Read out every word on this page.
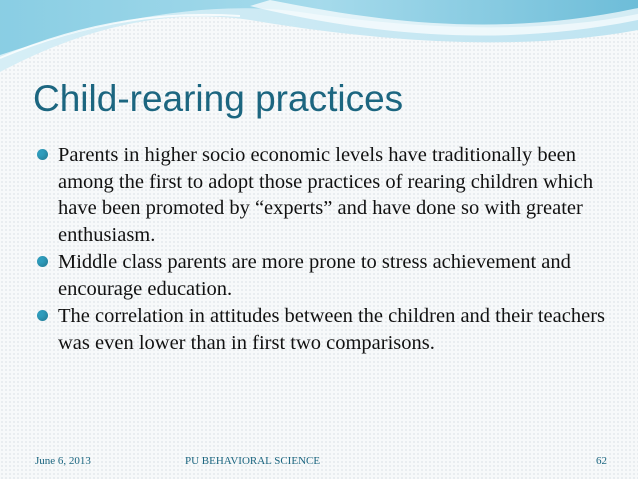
Child-rearing practices
Parents in higher socio economic levels have traditionally been among the first to adopt those practices of rearing children which have been promoted by “experts” and have done so with greater enthusiasm.
Middle class parents are more prone to stress achievement and encourage education.
The correlation in attitudes between the children and their teachers was even lower than in first two comparisons.
June 6, 2013	PU BEHAVIORAL SCIENCE	62
